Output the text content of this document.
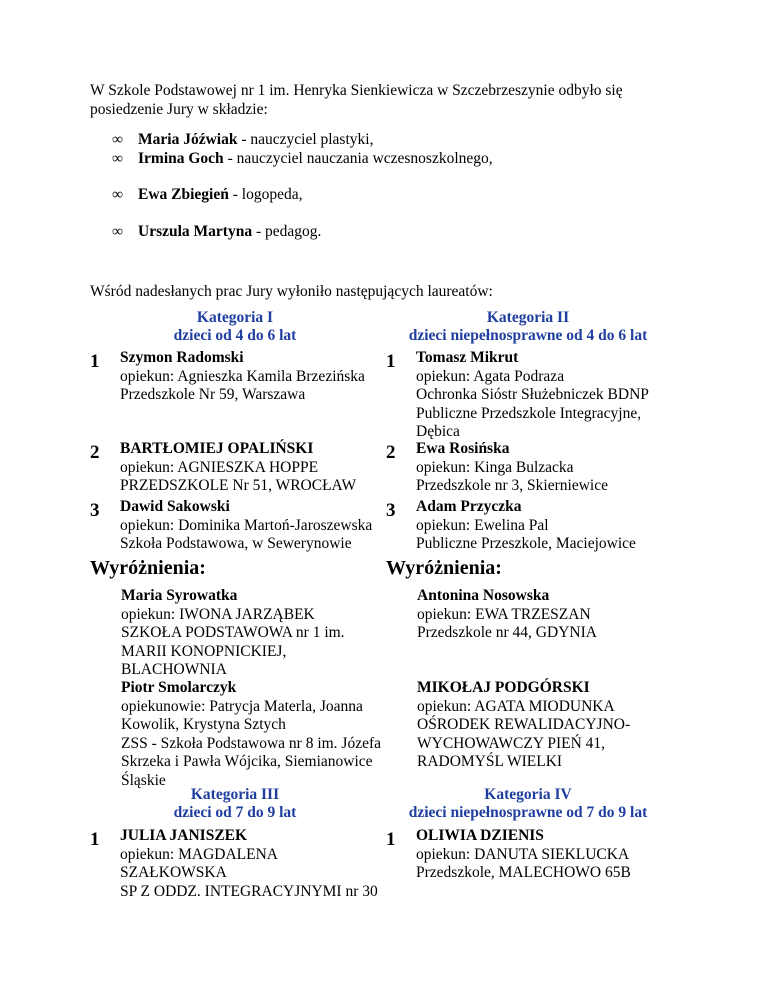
W Szkole Podstawowej nr 1 im. Henryka Sienkiewicza w Szczebrzeszynie odbyło się
posiedzenie Jury w składzie:
∞ Maria Jóźwiak - nauczyciel plastyki,
∞ Irmina Goch - nauczyciel nauczania wczesnoszkolnego,
∞ Ewa Zbiegień - logopeda,
∞ Urszula Martyna - pedagog.
Wśród nadesłanych prac Jury wyłoniło następujących laureatów:
Kategoria I
dzieci od 4 do 6 lat
1 Szymon Radomski
opiekun: Agnieszka Kamila Brzezińska
Przedszkole Nr 59, Warszawa
2 BARTŁOMIEJ OPALIŃSKI
opiekun: AGNIESZKA HOPPE
PRZEDSZKOLE Nr 51, WROCŁAW
3 Dawid Sakowski
opiekun: Dominika Martoń-Jaroszewska
Szkoła Podstawowa, w Sewerynowie
Wyróżnienia:
Maria Syrowatka
opiekun: IWONA JARZĄBEK
SZKOŁA PODSTAWOWA nr 1 im.
MARII KONOPNICKIEJ,
BLACHOWNIA
Piotr Smolarczyk
opiekunowie: Patrycja Materla, Joanna
Kowolik, Krystyna Sztych
ZSS - Szkoła Podstawowa nr 8 im. Józefa
Skrzeka i Pawła Wójcika, Siemianowice
Śląskie
Kategoria II
dzieci niepełnosprawne od 4 do 6 lat
1 Tomasz Mikrut
opiekun: Agata Podraza
Ochronka Sióstr Służebniczek BDNP
Publiczne Przedszkole Integracyjne,
Dębica
2 Ewa Rosińska
opiekun: Kinga Bulzacka
Przedszkole nr 3, Skierniewice
3 Adam Przyczka
opiekun: Ewelina Pal
Publiczne Przeszkole, Maciejowice
Wyróżnienia:
Antonina Nosowska
opiekun: EWA TRZESZAN
Przedszkole nr 44, GDYNIA
MIKOŁAJ PODGÓRSKI
opiekun: AGATA MIODUNKA
OŚRODEK REWALIDACYJNO-
WYCHOWAWCZY PIEŃ 41,
RADOMYŚL WIELKI
Kategoria III
dzieci od 7 do 9 lat
1 JULIA JANISZEK
opiekun: MAGDALENA
SZAŁKOWSKA
SP Z ODDZ. INTEGRACYJNYMI nr 30
Kategoria IV
dzieci niepełnosprawne od 7 do 9 lat
1 OLIWIA DZIENIS
opiekun: DANUTA SIEKLUCKA
Przedszkole, MALECHOWO 65B
